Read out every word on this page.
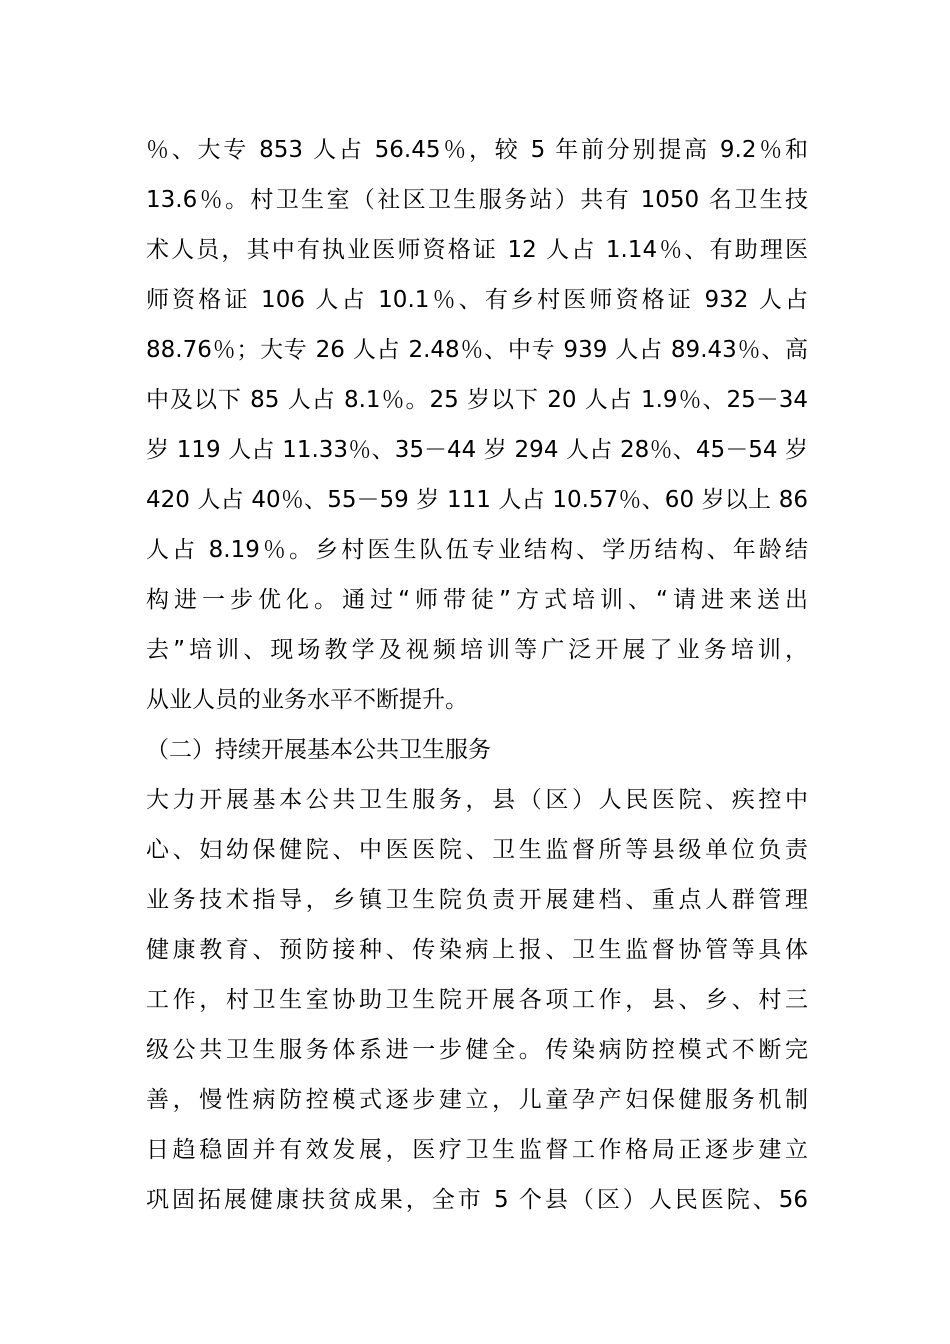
％、大专 853 人占 56.45％，较 5 年前分别提高 9.2％和
13.6％。村卫生室（社区卫生服务站）共有 1050 名卫生技
术人员，其中有执业医师资格证 12 人占 1.14％、有助理医
师资格证 106 人占 10.1％、有乡村医师资格证 932 人占
88.76％；大专 26 人占 2.48％、中专 939 人占 89.43％、高
中及以下 85 人占 8.1％。25 岁以下 20 人占 1.9％、25－34
岁 119 人占 11.33％、35－44 岁 294 人占 28％、45－54 岁
420 人占 40％、55－59 岁 111 人占 10.57％、60 岁以上 86
人占 8.19％。乡村医生队伍专业结构、学历结构、年龄结
构进一步优化。通过“师带徒”方式培训、“请进来送出
去”培训、现场教学及视频培训等广泛开展了业务培训，
从业人员的业务水平不断提升。
（二）持续开展基本公共卫生服务
大力开展基本公共卫生服务，县（区）人民医院、疾控中
心、妇幼保健院、中医医院、卫生监督所等县级单位负责
业务技术指导，乡镇卫生院负责开展建档、重点人群管理
健康教育、预防接种、传染病上报、卫生监督协管等具体
工作，村卫生室协助卫生院开展各项工作，县、乡、村三
级公共卫生服务体系进一步健全。传染病防控模式不断完
善，慢性病防控模式逐步建立，儿童孕产妇保健服务机制
日趋稳固并有效发展，医疗卫生监督工作格局正逐步建立
巩固拓展健康扶贫成果，全市 5 个县（区）人民医院、56
